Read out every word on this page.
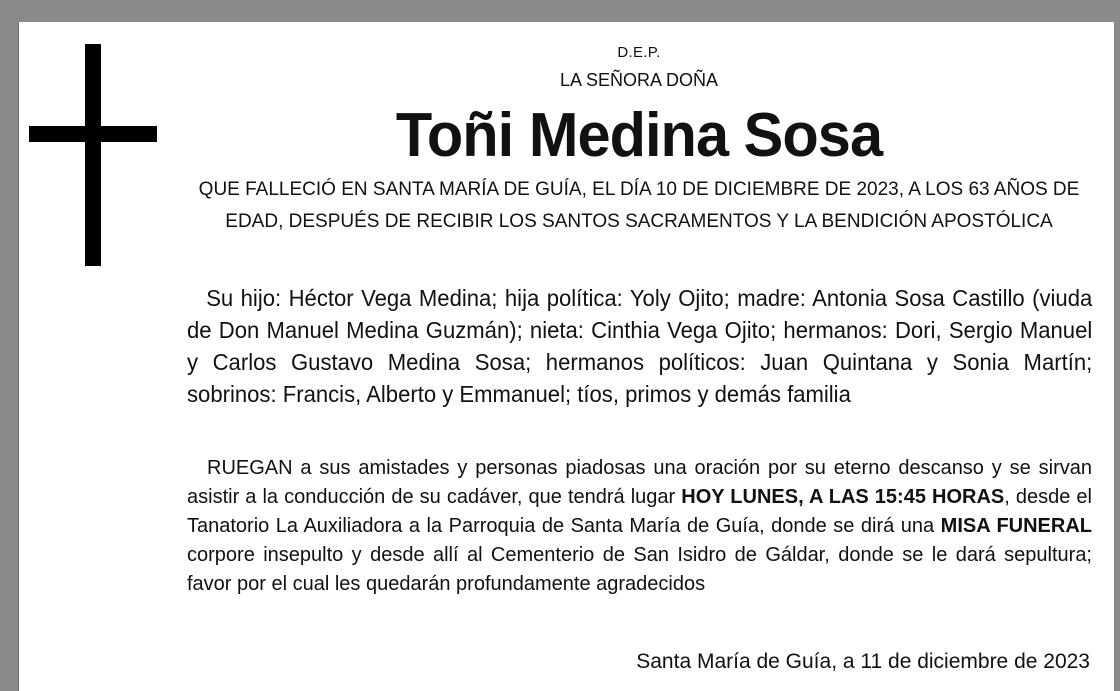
D.E.P.
LA SEÑORA DOÑA
Toñi Medina Sosa
QUE FALLECIÓ EN SANTA MARÍA DE GUÍA, EL DÍA 10 DE DICIEMBRE DE 2023, A LOS 63 AÑOS DE EDAD, DESPUÉS DE RECIBIR LOS SANTOS SACRAMENTOS Y LA BENDICIÓN APOSTÓLICA
Su hijo: Héctor Vega Medina; hija política: Yoly Ojito; madre: Antonia Sosa Castillo (viuda de Don Manuel Medina Guzmán); nieta: Cinthia Vega Ojito; hermanos: Dori, Sergio Manuel y Carlos Gustavo Medina Sosa; hermanos políticos: Juan Quintana y Sonia Martín; sobrinos: Francis, Alberto y Emmanuel; tíos, primos y demás familia
RUEGAN a sus amistades y personas piadosas una oración por su eterno descanso y se sirvan asistir a la conducción de su cadáver, que tendrá lugar HOY LUNES, A LAS 15:45 HORAS, desde el Tanatorio La Auxiliadora a la Parroquia de Santa María de Guía, donde se dirá una MISA FUNERAL corpore insepulto y desde allí al Cementerio de San Isidro de Gáldar, donde se le dará sepultura; favor por el cual les quedarán profundamente agradecidos
Santa María de Guía, a 11 de diciembre de 2023
